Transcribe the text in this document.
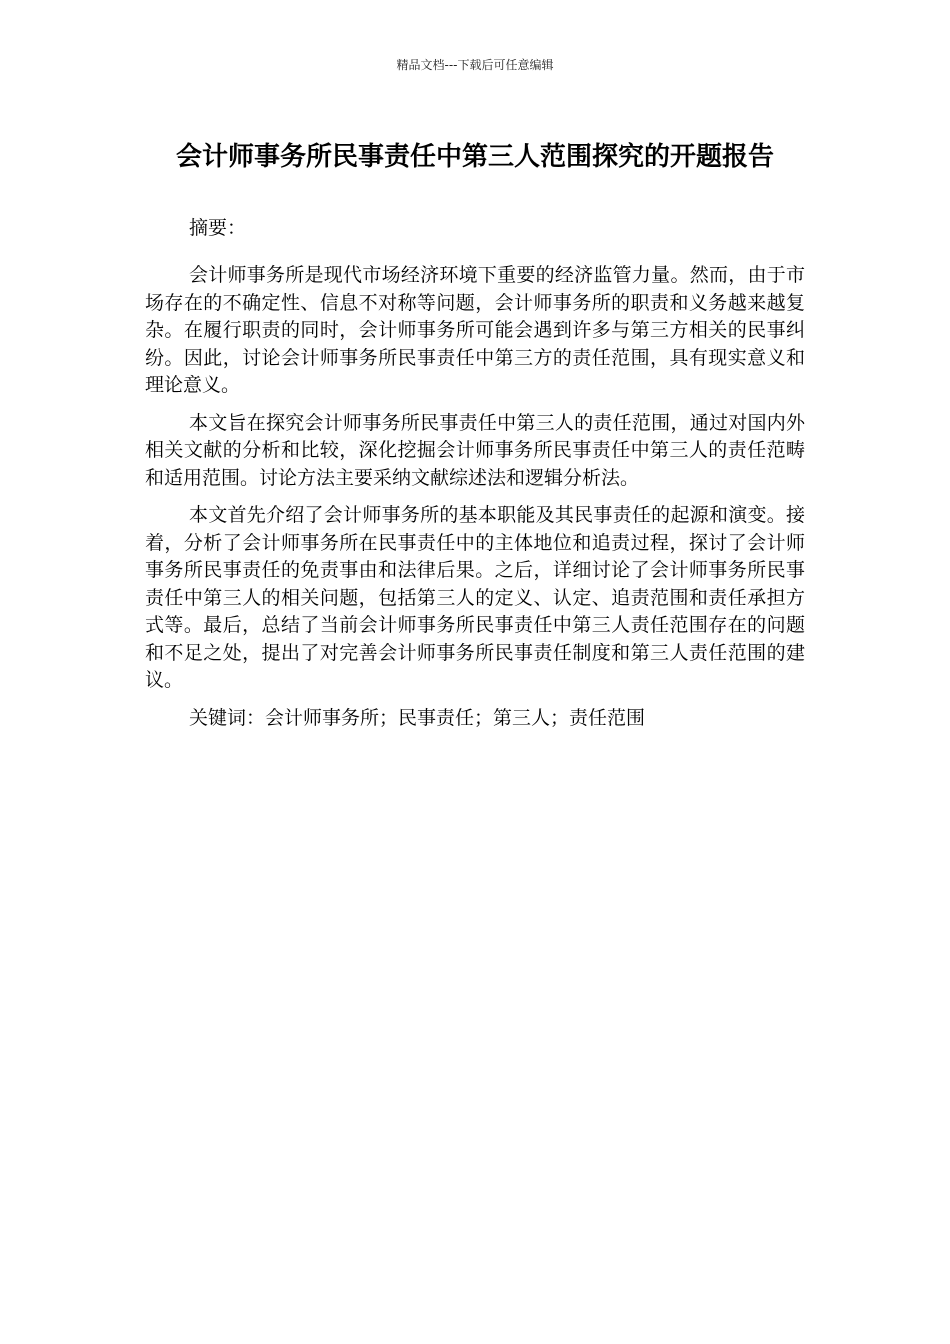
精品文档---下载后可任意编辑
会计师事务所民事责任中第三人范围探究的开题报告
摘要：

会计师事务所是现代市场经济环境下重要的经济监管力量。然而，由于市场存在的不确定性、信息不对称等问题，会计师事务所的职责和义务越来越复杂。在履行职责的同时，会计师事务所可能会遇到许多与第三方相关的民事纠纷。因此，讨论会计师事务所民事责任中第三方的责任范围，具有现实意义和理论意义。

本文旨在探究会计师事务所民事责任中第三人的责任范围，通过对国内外相关文献的分析和比较，深化挖掘会计师事务所民事责任中第三人的责任范畴和适用范围。讨论方法主要采纳文献综述法和逻辑分析法。

本文首先介绍了会计师事务所的基本职能及其民事责任的起源和演变。接着，分析了会计师事务所在民事责任中的主体地位和追责过程，探讨了会计师事务所民事责任的免责事由和法律后果。之后，详细讨论了会计师事务所民事责任中第三人的相关问题，包括第三人的定义、认定、追责范围和责任承担方式等。最后，总结了当前会计师事务所民事责任中第三人责任范围存在的问题和不足之处，提出了对完善会计师事务所民事责任制度和第三人责任范围的建议。

关键词：会计师事务所；民事责任；第三人；责任范围
